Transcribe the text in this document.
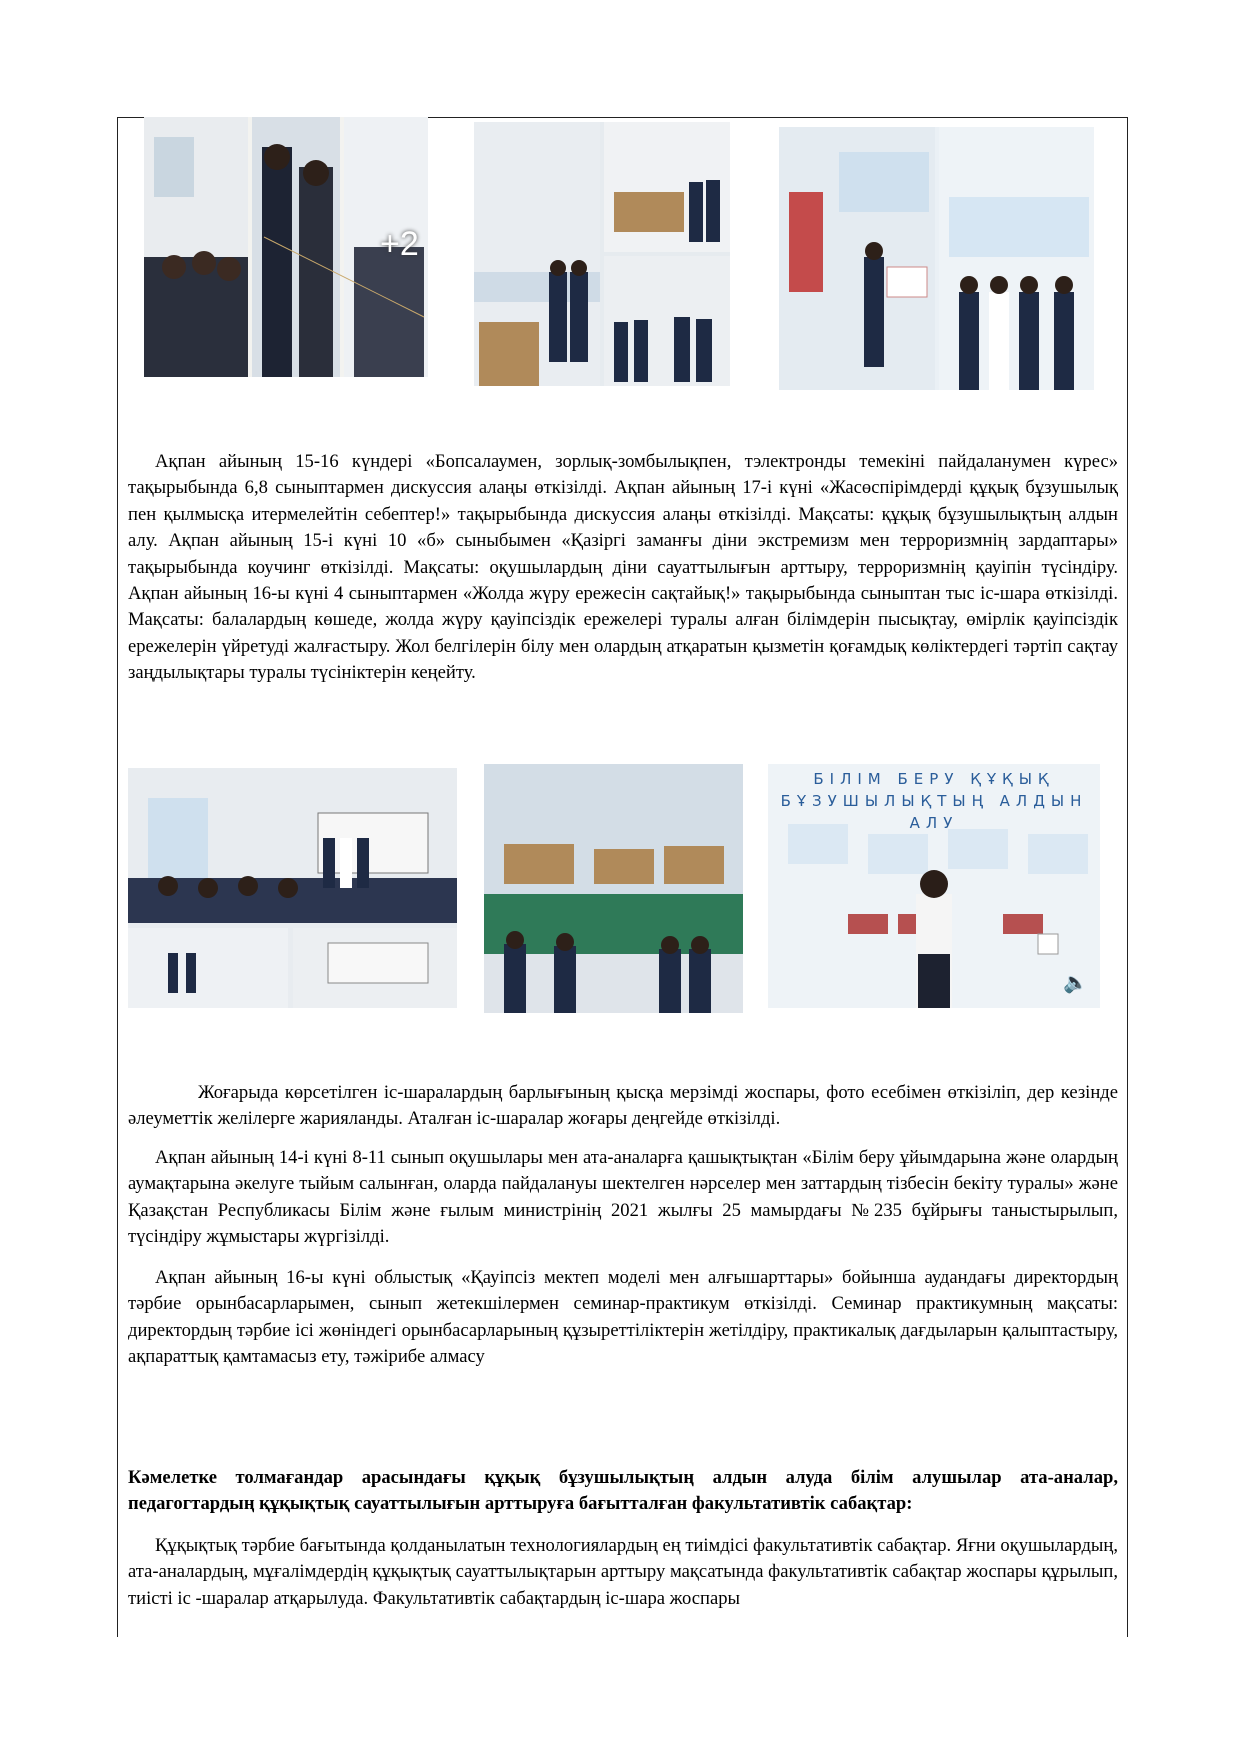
+2

Ақпан айының 15-16 күндері «Бопсалаумен, зорлық-зомбылықпен, тэлектронды темекіні пайдаланумен күрес» тақырыбында 6,8 сыныптармен дискуссия алаңы өткізілді. Ақпан айының 17-і күні «Жасөспірімдерді құқық бұзушылық пен қылмысқа итермелейтін себептер!» тақырыбында дискуссия алаңы өткізілді. Мақсаты: құқық бұзушылықтың алдын алу. Ақпан айының 15-і күні 10 «б» сыныбымен «Қазіргі заманғы діни экстремизм мен терроризмнің зардаптары» тақырыбында коучинг өткізілді. Мақсаты: оқушылардың діни сауаттылығын арттыру, терроризмнің қауіпін түсіндіру. Ақпан айының 16-ы күні 4 сыныптармен «Жолда жүру ережесін сақтайық!» тақырыбында сыныптан тыс іс-шара өткізілді. Мақсаты: балалардың көшеде, жолда жүру қауіпсіздік ережелері туралы алған білімдерін пысықтау, өмірлік қауіпсіздік ережелерін үйретуді жалғастыру. Жол белгілерін білу мен олардың атқаратын қызметін қоғамдық көліктердегі тәртіп сақтау заңдылықтары туралы түсініктерін кеңейту.

БІЛІМ БЕРУ ҚҰҚЫҚ БҰЗУШЫЛЫҚТЫҢ АЛДЫН АЛУ
🔈

Жоғарыда көрсетілген іс-шаралардың барлығының қысқа мерзімді жоспары, фото есебімен өткізіліп, дер кезінде әлеуметтік желілерге жарияланды. Аталған іс-шаралар жоғары деңгейде өткізілді.

Ақпан айының 14-і күні 8-11 сынып оқушылары мен ата-аналарға қашықтықтан «Білім беру ұйымдарына және олардың аумақтарына әкелуге тыйым салынған, оларда пайдалануы шектелген нәрселер мен заттардың тізбесін бекіту туралы» және Қазақстан Республикасы Білім және ғылым министрінің 2021 жылғы 25 мамырдағы №235 бұйрығы таныстырылып, түсіндіру жұмыстары жүргізілді.

Ақпан айының 16-ы күні облыстық «Қауіпсіз мектеп моделі мен алғышарттары» бойынша аудандағы директордың тәрбие орынбасарларымен, сынып жетекшілермен семинар-практикум өткізілді. Семинар практикумның мақсаты: директордың тәрбие ісі жөніндегі орынбасарларының құзыреттіліктерін жетілдіру, практикалық дағдыларын қалыптастыру, ақпараттық қамтамасыз ету, тәжірибе алмасу

Кәмелетке толмағандар арасындағы құқық бұзушылықтың алдын алуда білім алушылар ата-аналар, педагогтардың құқықтық сауаттылығын арттыруға бағытталған факультативтік сабақтар:

Құқықтық тәрбие бағытында қолданылатын технологиялардың ең тиімдісі факультативтік сабақтар. Яғни оқушылардың, ата-аналардың, мұғалімдердің құқықтық сауаттылықтарын арттыру мақсатында факультативтік сабақтар жоспары құрылып, тиісті іс -шаралар атқарылуда. Факультативтік сабақтардың іс-шара жоспары
